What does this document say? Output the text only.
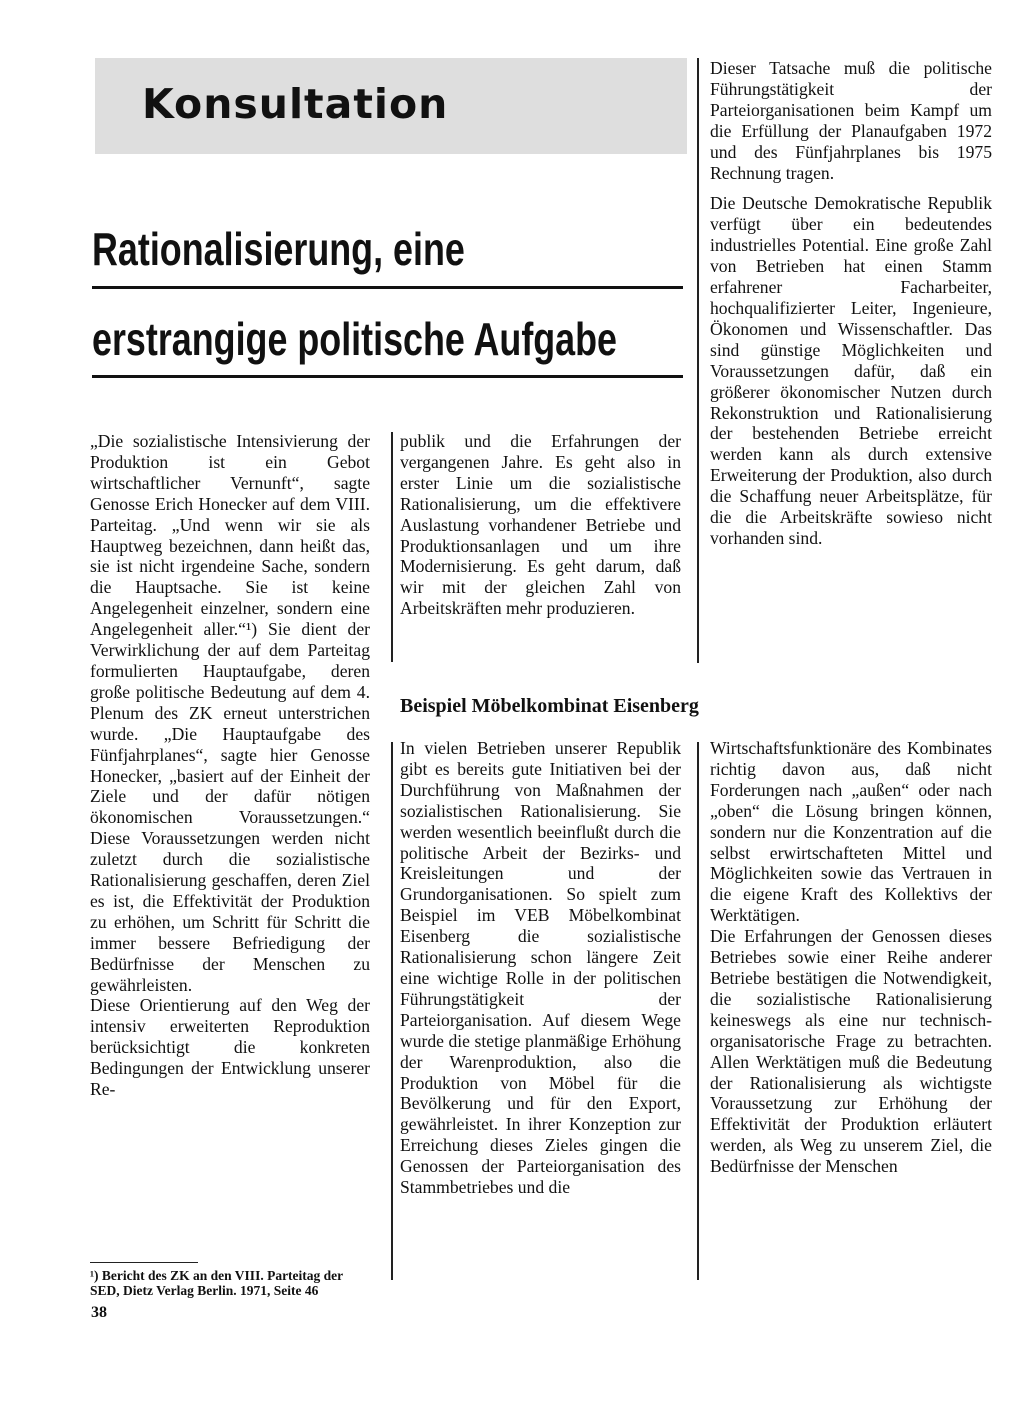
Konsultation
Rationalisierung, eine
erstrangige politische Aufgabe

„Die sozialistische Intensivierung der Produktion ist ein Gebot wirtschaftlicher Vernunft“, sagte Genosse Erich Honecker auf dem VIII. Parteitag. „Und wenn wir sie als Hauptweg bezeichnen, dann heißt das, sie ist nicht irgendeine Sache, sondern die Hauptsache. Sie ist keine Angelegenheit einzelner, sondern eine Angelegenheit aller.“¹) Sie dient der Verwirklichung der auf dem Parteitag formulierten Hauptaufgabe, deren große politische Bedeutung auf dem 4. Plenum des ZK erneut unterstrichen wurde. „Die Hauptaufgabe des Fünfjahrplanes“, sagte hier Genosse Honecker, „basiert auf der Einheit der Ziele und der dafür nötigen ökonomischen Voraussetzungen.“ Diese Voraussetzungen werden nicht zuletzt durch die sozialistische Rationalisierung geschaffen, deren Ziel es ist, die Effektivität der Produktion zu erhöhen, um Schritt für Schritt die immer bessere Befriedigung der Bedürfnisse der Menschen zu gewährleisten.

Diese Orientierung auf den Weg der intensiv erweiterten Reproduktion berücksichtigt die konkreten Bedingungen der Entwicklung unserer Re-

publik und die Erfahrungen der vergangenen Jahre. Es geht also in erster Linie um die sozialistische Rationalisierung, um die effektivere Auslastung vorhandener Betriebe und Produktionsanlagen und um ihre Modernisierung. Es geht darum, daß wir mit der gleichen Zahl von Arbeitskräften mehr produzieren.

Dieser Tatsache muß die politische Führungstätigkeit der Parteiorganisationen beim Kampf um die Erfüllung der Planaufgaben 1972 und des Fünfjahrplanes bis 1975 Rechnung tragen.

Die Deutsche Demokratische Republik verfügt über ein bedeutendes industrielles Potential. Eine große Zahl von Betrieben hat einen Stamm erfahrener Facharbeiter, hochqualifizierter Leiter, Ingenieure, Ökonomen und Wissenschaftler. Das sind günstige Möglichkeiten und Voraussetzungen dafür, daß ein größerer ökonomischer Nutzen durch Rekonstruktion und Rationalisierung der bestehenden Betriebe erreicht werden kann als durch extensive Erweiterung der Produktion, also durch die Schaffung neuer Arbeitsplätze, für die die Arbeitskräfte sowieso nicht vorhanden sind.

Beispiel Möbelkombinat Eisenberg

In vielen Betrieben unserer Republik gibt es bereits gute Initiativen bei der Durchführung von Maßnahmen der sozialistischen Rationalisierung. Sie werden wesentlich beeinflußt durch die politische Arbeit der Bezirks- und Kreisleitungen und der Grundorganisationen. So spielt zum Beispiel im VEB Möbelkombinat Eisenberg die sozialistische Rationalisierung schon längere Zeit eine wichtige Rolle in der politischen Führungstätigkeit der Parteiorganisation. Auf diesem Wege wurde die stetige planmäßige Erhöhung der Warenproduktion, also die Produktion von Möbel für die Bevölkerung und für den Export, gewährleistet. In ihrer Konzeption zur Erreichung dieses Zieles gingen die Genossen der Parteiorganisation des Stammbetriebes und die

Wirtschaftsfunktionäre des Kombinates richtig davon aus, daß nicht Forderungen nach „außen“ oder nach „oben“ die Lösung bringen können, sondern nur die Konzentration auf die selbst erwirtschafteten Mittel und Möglichkeiten sowie das Vertrauen in die eigene Kraft des Kollektivs der Werktätigen.

Die Erfahrungen der Genossen dieses Betriebes sowie einer Reihe anderer Betriebe bestätigen die Notwendigkeit, die sozialistische Rationalisierung keineswegs als eine nur technisch-organisatorische Frage zu betrachten. Allen Werktätigen muß die Bedeutung der Rationalisierung als wichtigste Voraussetzung zur Erhöhung der Effektivität der Produktion erläutert werden, als Weg zu unserem Ziel, die Bedürfnisse der Menschen

¹) Bericht des ZK an den VIII. Parteitag der SED, Dietz Verlag Berlin. 1971, Seite 46
38
